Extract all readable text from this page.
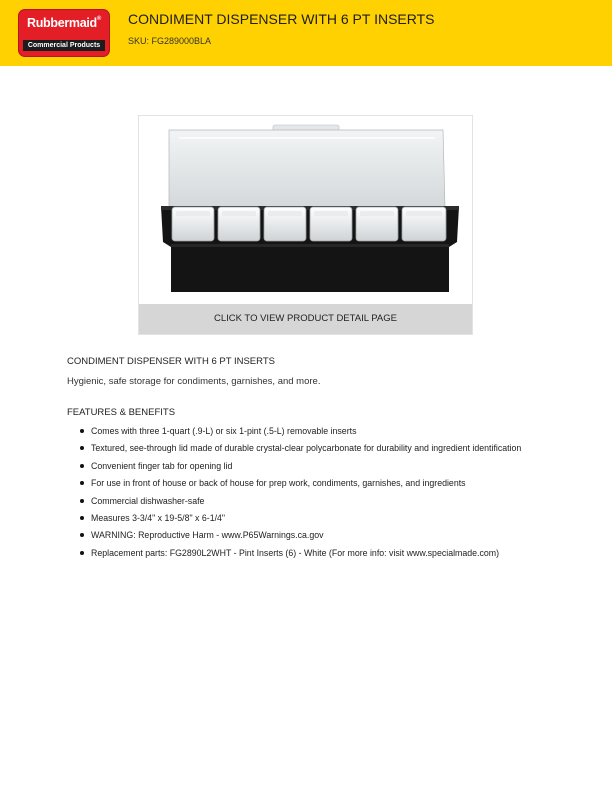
Rubbermaid®
Commercial Products
CONDIMENT DISPENSER WITH 6 PT INSERTS
SKU: FG289000BLA
CLICK TO VIEW PRODUCT DETAIL PAGE
CONDIMENT DISPENSER WITH 6 PT INSERTS
Hygienic, safe storage for condiments, garnishes, and more.
FEATURES & BENEFITS
Comes with three 1-quart (.9-L) or six 1-pint (.5-L) removable inserts
Textured, see-through lid made of durable crystal-clear polycarbonate for durability and ingredient identification
Convenient finger tab for opening lid
For use in front of house or back of house for prep work, condiments, garnishes, and ingredients
Commercial dishwasher-safe
Measures 3-3/4" x 19-5/8" x 6-1/4"
WARNING: Reproductive Harm - www.P65Warnings.ca.gov
Replacement parts: FG2890L2WHT - Pint Inserts (6) - White (For more info: visit www.specialmade.com)
